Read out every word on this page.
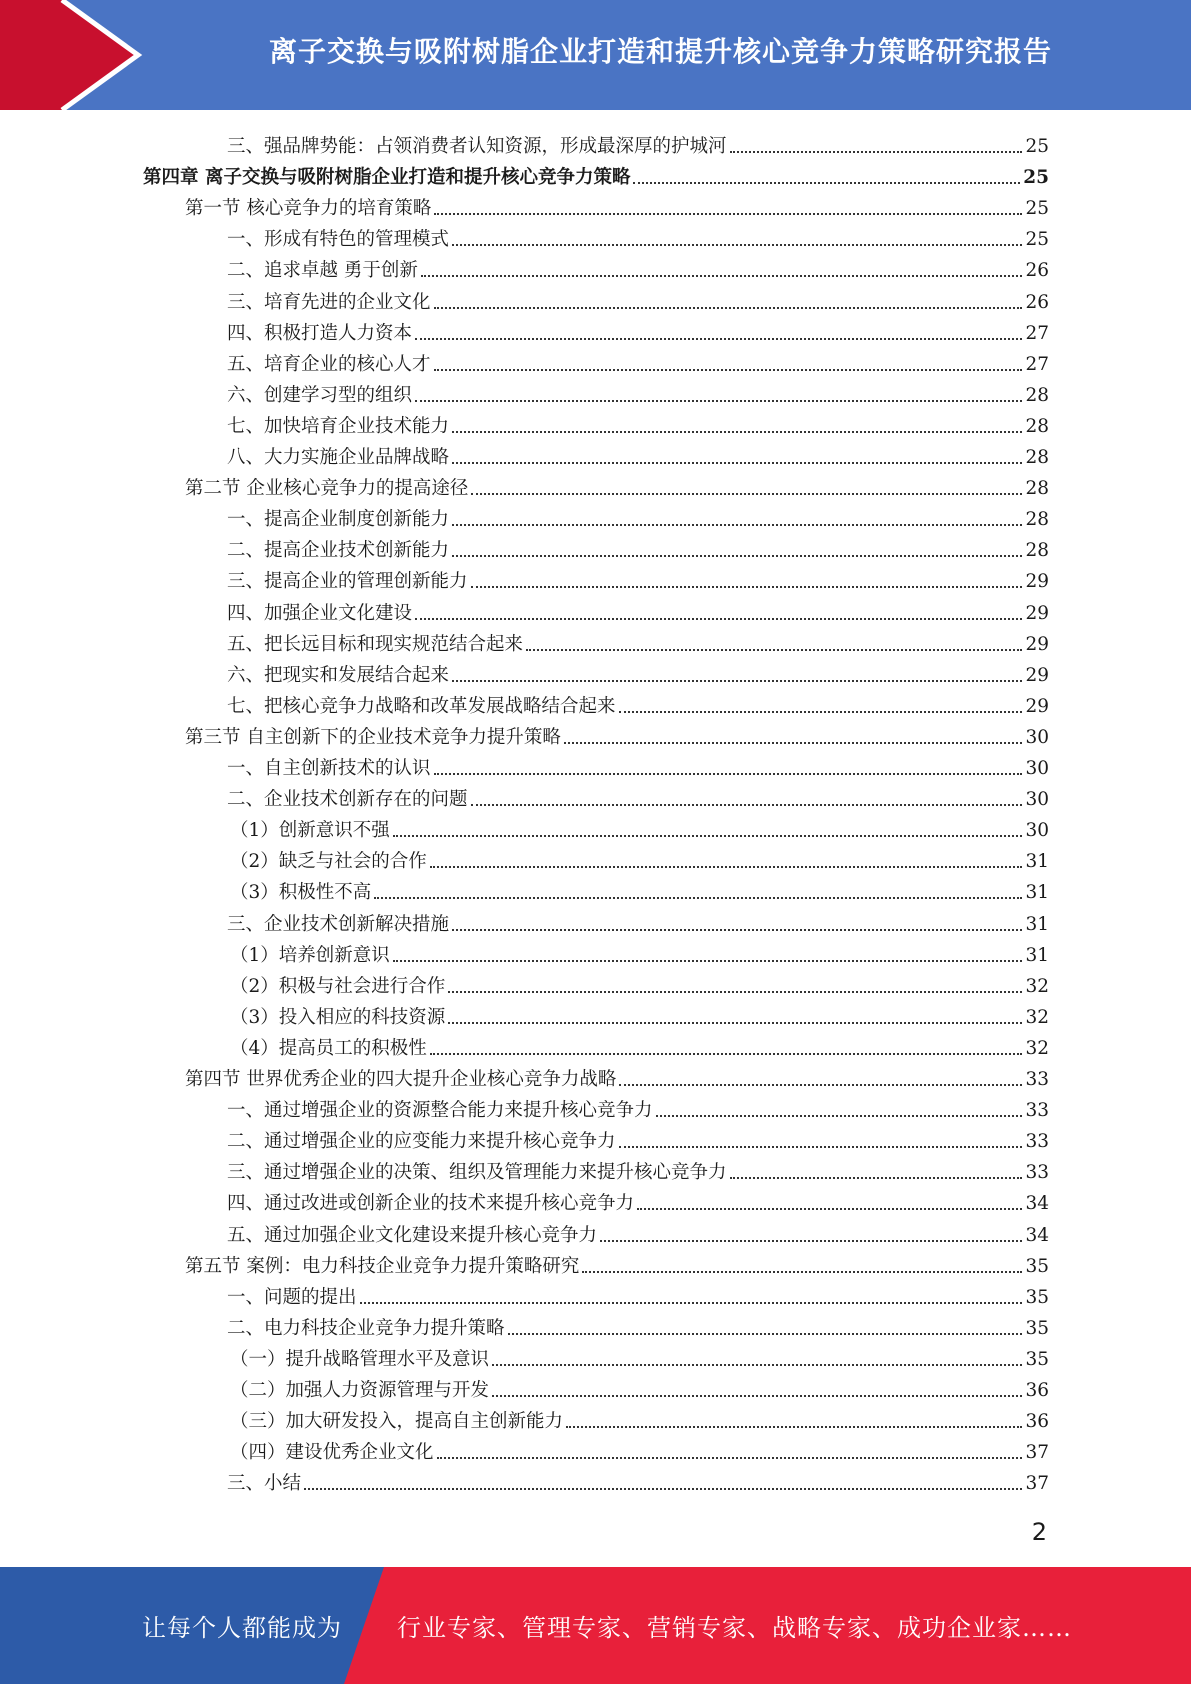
离子交换与吸附树脂企业打造和提升核心竞争力策略研究报告
三、强品牌势能：占领消费者认知资源，形成最深厚的护城河	25
第四章 离子交换与吸附树脂企业打造和提升核心竞争力策略	25
第一节 核心竞争力的培育策略	25
一、形成有特色的管理模式	25
二、追求卓越 勇于创新	26
三、培育先进的企业文化	26
四、积极打造人力资本	27
五、培育企业的核心人才	27
六、创建学习型的组织	28
七、加快培育企业技术能力	28
八、大力实施企业品牌战略	28
第二节 企业核心竞争力的提高途径	28
一、提高企业制度创新能力	28
二、提高企业技术创新能力	28
三、提高企业的管理创新能力	29
四、加强企业文化建设	29
五、把长远目标和现实规范结合起来	29
六、把现实和发展结合起来	29
七、把核心竞争力战略和改革发展战略结合起来	29
第三节 自主创新下的企业技术竞争力提升策略	30
一、自主创新技术的认识	30
二、企业技术创新存在的问题	30
（1）创新意识不强	30
（2）缺乏与社会的合作	31
（3）积极性不高	31
三、企业技术创新解决措施	31
（1）培养创新意识	31
（2）积极与社会进行合作	32
（3）投入相应的科技资源	32
（4）提高员工的积极性	32
第四节 世界优秀企业的四大提升企业核心竞争力战略	33
一、通过增强企业的资源整合能力来提升核心竞争力	33
二、通过增强企业的应变能力来提升核心竞争力	33
三、通过增强企业的决策、组织及管理能力来提升核心竞争力	33
四、通过改进或创新企业的技术来提升核心竞争力	34
五、通过加强企业文化建设来提升核心竞争力	34
第五节 案例：电力科技企业竞争力提升策略研究	35
一、问题的提出	35
二、电力科技企业竞争力提升策略	35
（一）提升战略管理水平及意识	35
（二）加强人力资源管理与开发	36
（三）加大研发投入，提高自主创新能力	36
（四）建设优秀企业文化	37
三、小结	37
2
让每个人都能成为 行业专家、管理专家、营销专家、战略专家、成功企业家……
